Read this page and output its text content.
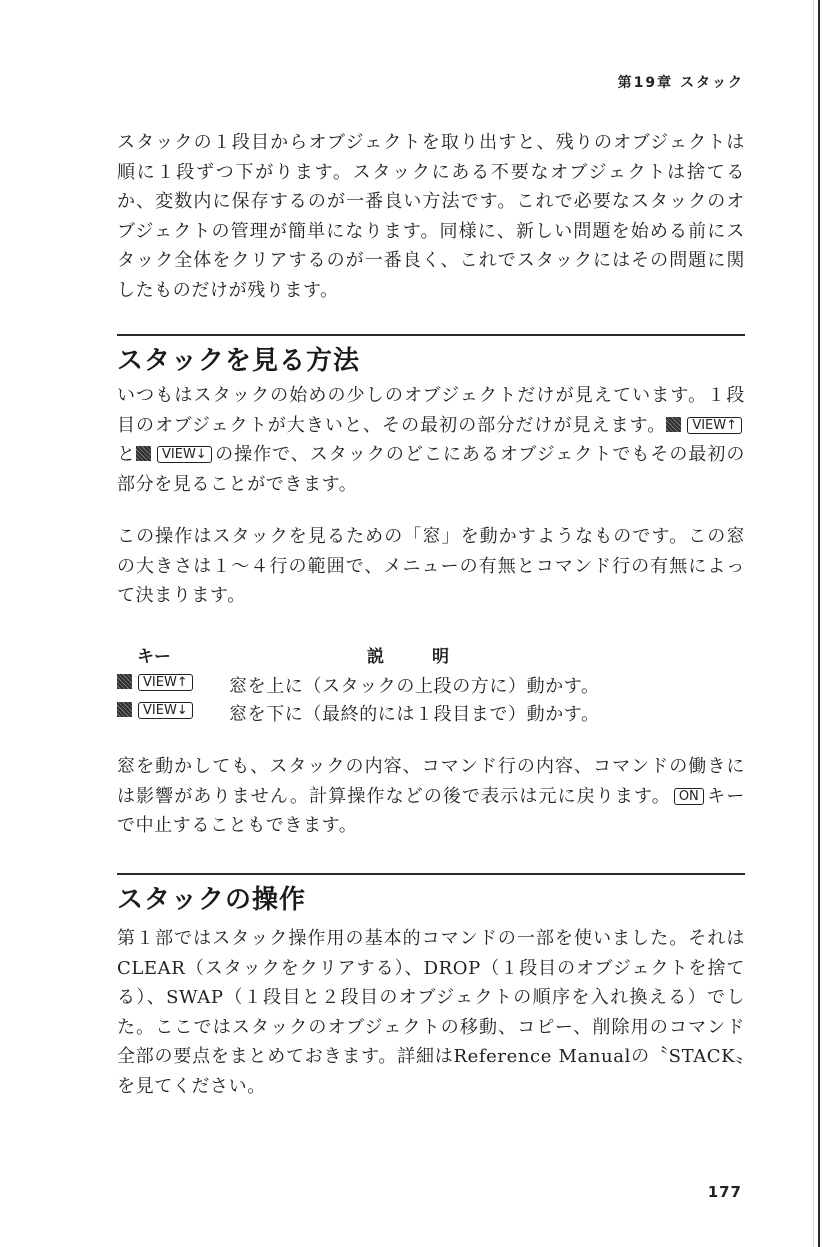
第19章 スタック

スタックの１段目からオブジェクトを取り出すと、残りのオブジェクトは順に１段ずつ下がります。スタックにある不要なオブジェクトは捨てるか、変数内に保存するのが一番良い方法です。これで必要なスタックのオブジェクトの管理が簡単になります。同様に、新しい問題を始める前にスタック全体をクリアするのが一番良く、これでスタックにはその問題に関したものだけが残ります。

スタックを見る方法

いつもはスタックの始めの少しのオブジェクトだけが見えています。１段目のオブジェクトが大きいと、その最初の部分だけが見えます。 VIEW↑と VIEW↓ の操作で、スタックのどこにあるオブジェクトでもその最初の部分を見ることができます。

この操作はスタックを見るための「窓」を動かすようなものです。この窓の大きさは１～４行の範囲で、メニューの有無とコマンド行の有無によって決まります。

キー	説明
VIEW↑	窓を上に（スタックの上段の方に）動かす。
VIEW↓	窓を下に（最終的には１段目まで）動かす。

窓を動かしても、スタックの内容、コマンド行の内容、コマンドの働きには影響がありません。計算操作などの後で表示は元に戻ります。 ON キーで中止することもできます。

スタックの操作

第１部ではスタック操作用の基本的コマンドの一部を使いました。それはCLEAR（スタックをクリアする）、DROP（１段目のオブジェクトを捨てる）、SWAP（１段目と２段目のオブジェクトの順序を入れ換える）でした。ここではスタックのオブジェクトの移動、コピー、削除用のコマンド全部の要点をまとめておきます。詳細はReference Manualの〝STACK〟を見てください。

177
